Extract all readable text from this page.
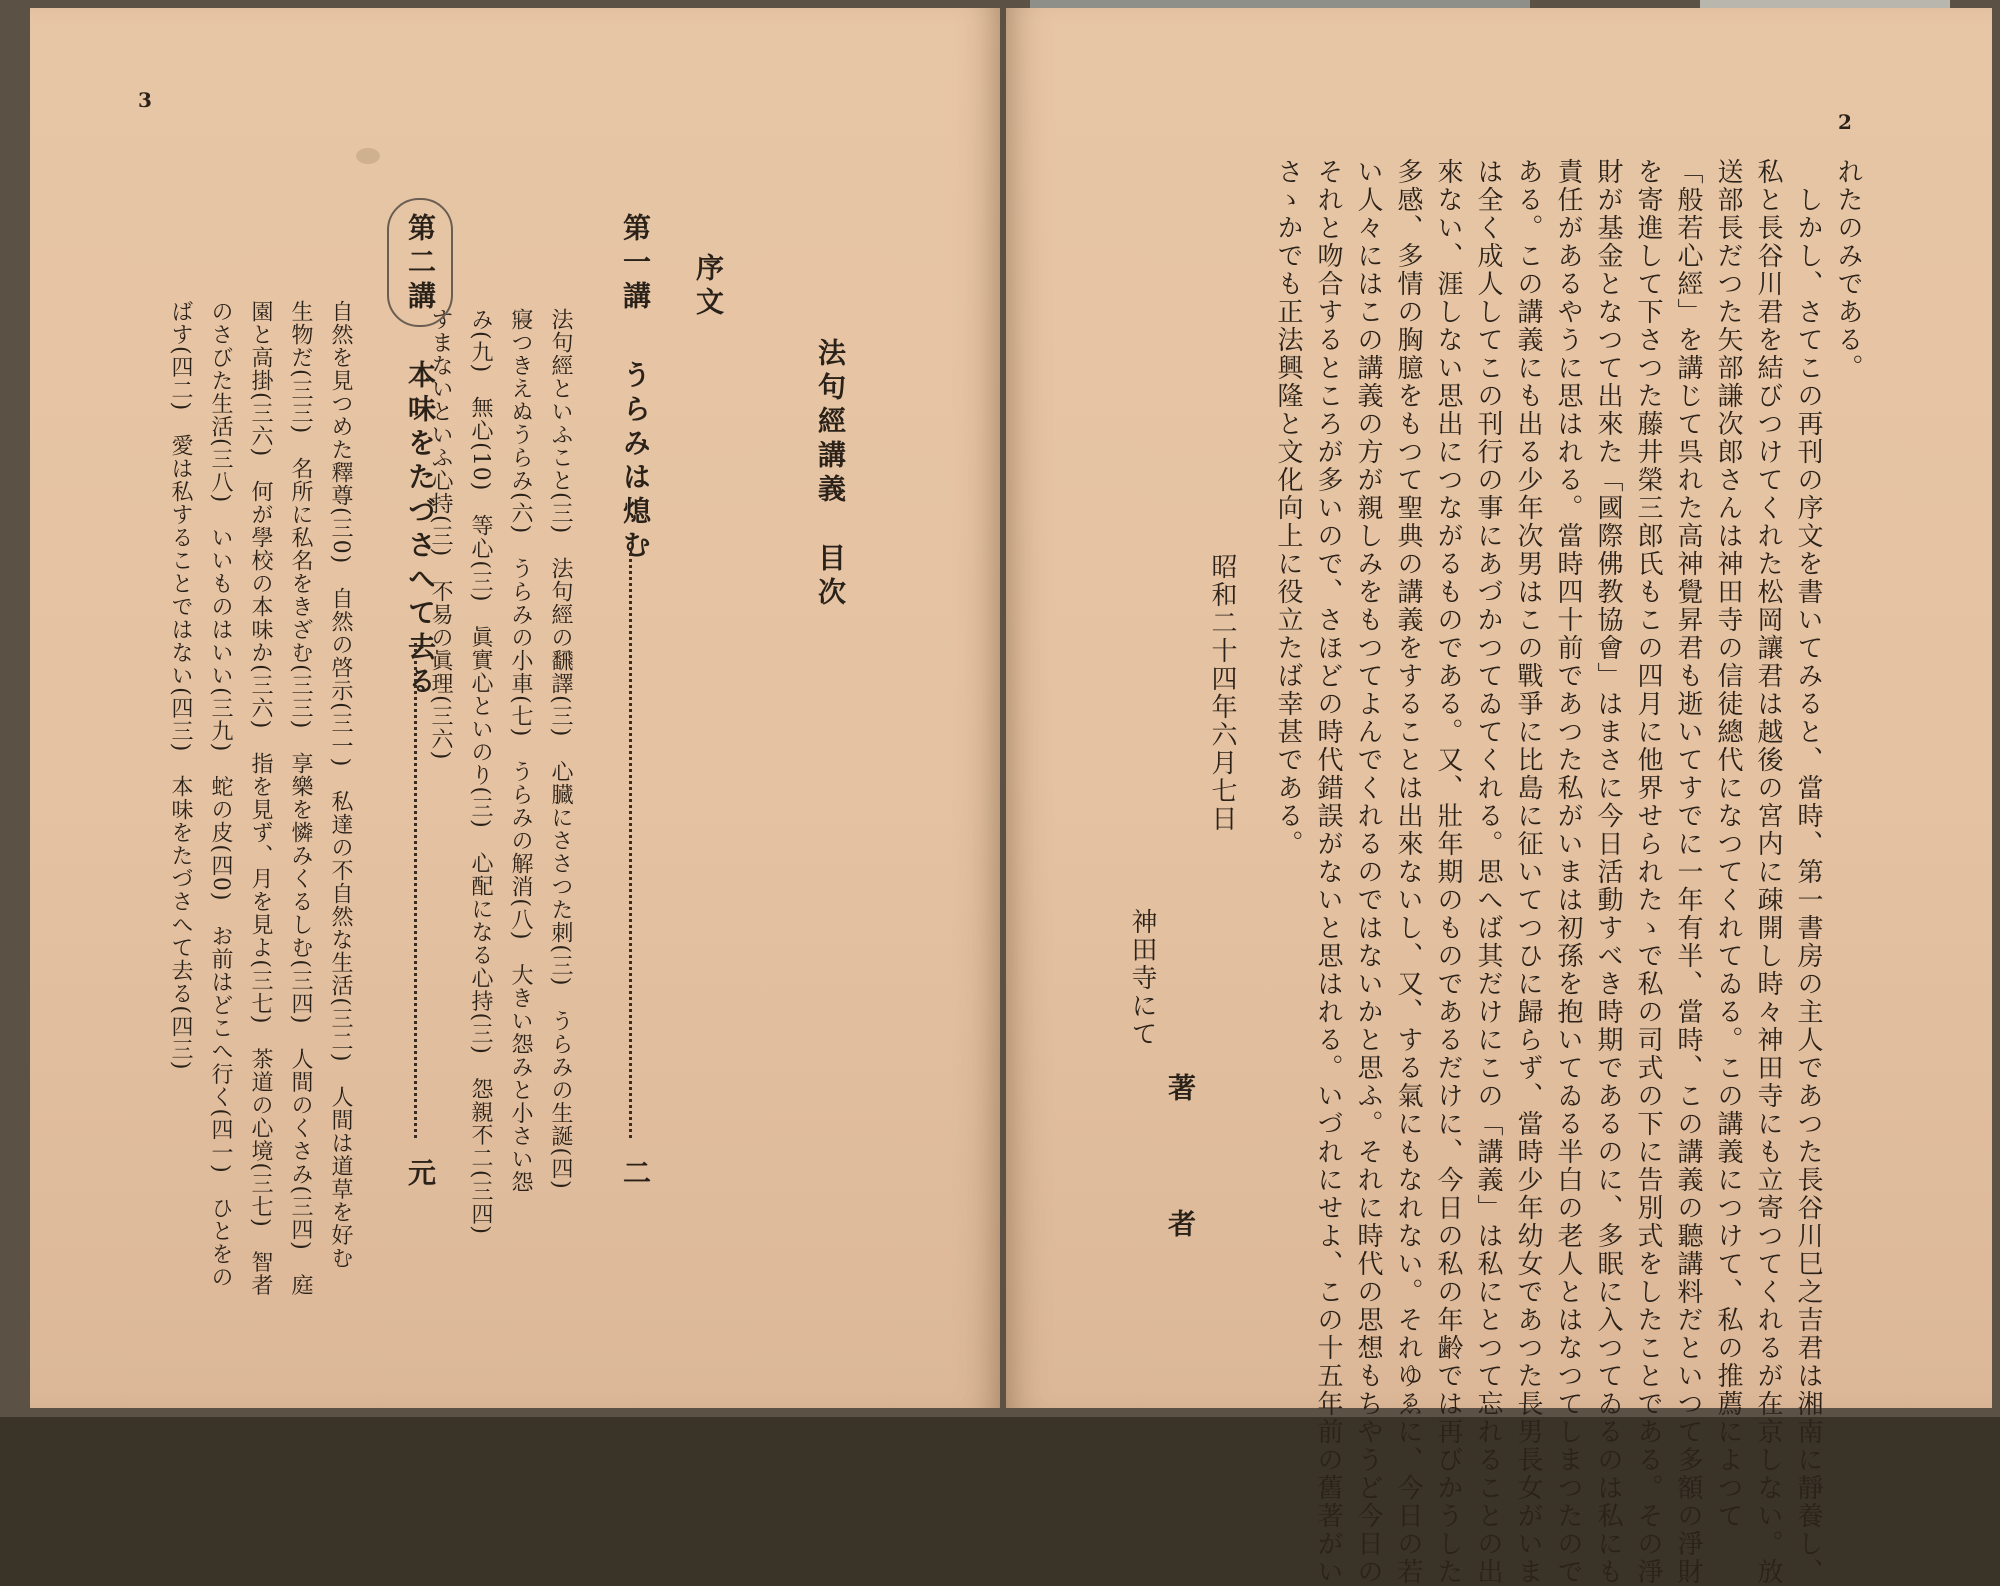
3
法句經講義
目次
序文
第一講
うらみは熄む
二
法句經といふこと(三)　法句經の飜譯(三)　心臓にささつた刺(三)　うらみの生誕(四)
寢つきえぬうらみ(六)　うらみの小車(七)　うらみの解消(八)　大きい怨みと小さい怨
み(九)　無心(10)　等心(三)　眞實心といのり(三)　心配になる心持(三)　怨親不二(三四)
すまないといふ心持(三)　不易の眞理(三六)
第二講
本味をたづさへて去る
元
自然を見つめた釋尊(三0)　自然の啓示(三一)　私達の不自然な生活(三二)　人間は道草を好む
生物だ(三三)　名所に私名をきざむ(三三)　享樂を憐みくるしむ(三四)　人間のくさみ(三四)　庭
園と高掛(三六)　何が學校の本味か(三六)　指を見ず、月を見よ(三七)　茶道の心境(三七)　智者
のさびた生活(三八)　いいものはいい(三九)　蛇の皮(四0)　お前はどこへ行く(四一)　ひとをの
ばす(四二)　愛は私することではない(四三)　本味をたづさへて去る(四三)
2
れたのみである。
　しかし、さてこの再刊の序文を書いてみると、當時、第一書房の主人であつた長谷川巳之吉君は湘南に靜養し、
私と長谷川君を結びつけてくれた松岡讓君は越後の宮内に疎開し時々神田寺にも立寄つてくれるが在京しない。放
送部長だつた矢部謙次郎さんは神田寺の信徒總代になつてくれてゐる。この講義につけて、私の推薦によつて
「般若心經」を講じて呉れた高神覺昇君も逝いてすでに一年有半、當時、この講義の聽講料だといつて多額の淨財
を寄進して下さつた藤井榮三郎氏もこの四月に他界せられたゝで私の司式の下に告別式をしたことである。その淨
財が基金となつて出來た「國際佛教協會」はまさに今日活動すべき時期であるのに、多眠に入つてゐるのは私にも
責任があるやうに思はれる。當時四十前であつた私がいまは初孫を抱いてゐる半白の老人とはなつてしまつたので
ある。この講義にも出る少年次男はこの戰爭に比島に征いてつひに歸らず、當時少年幼女であつた長男長女がいま
は全く成人してこの刊行の事にあづかつてゐてくれる。思へば其だけにこの「講義」は私にとつて忘れることの出
來ない、涯しない思出につながるものである。又、壯年期のものであるだけに、今日の私の年齢では再びかうした
多感、多情の胸臆をもつて聖典の講義をすることは出來ないし、又、する氣にもなれない。それゆゑに、今日の若
い人々にはこの講義の方が親しみをもつてよんでくれるのではないかと思ふ。それに時代の思想もちやうど今日の
それと吻合するところが多いので、さほどの時代錯誤がないと思はれる。いづれにせよ、この十五年前の舊著がい
さゝかでも正法興隆と文化向上に役立たば幸甚である。
昭和二十四年六月七日
神田寺にて
著　者
